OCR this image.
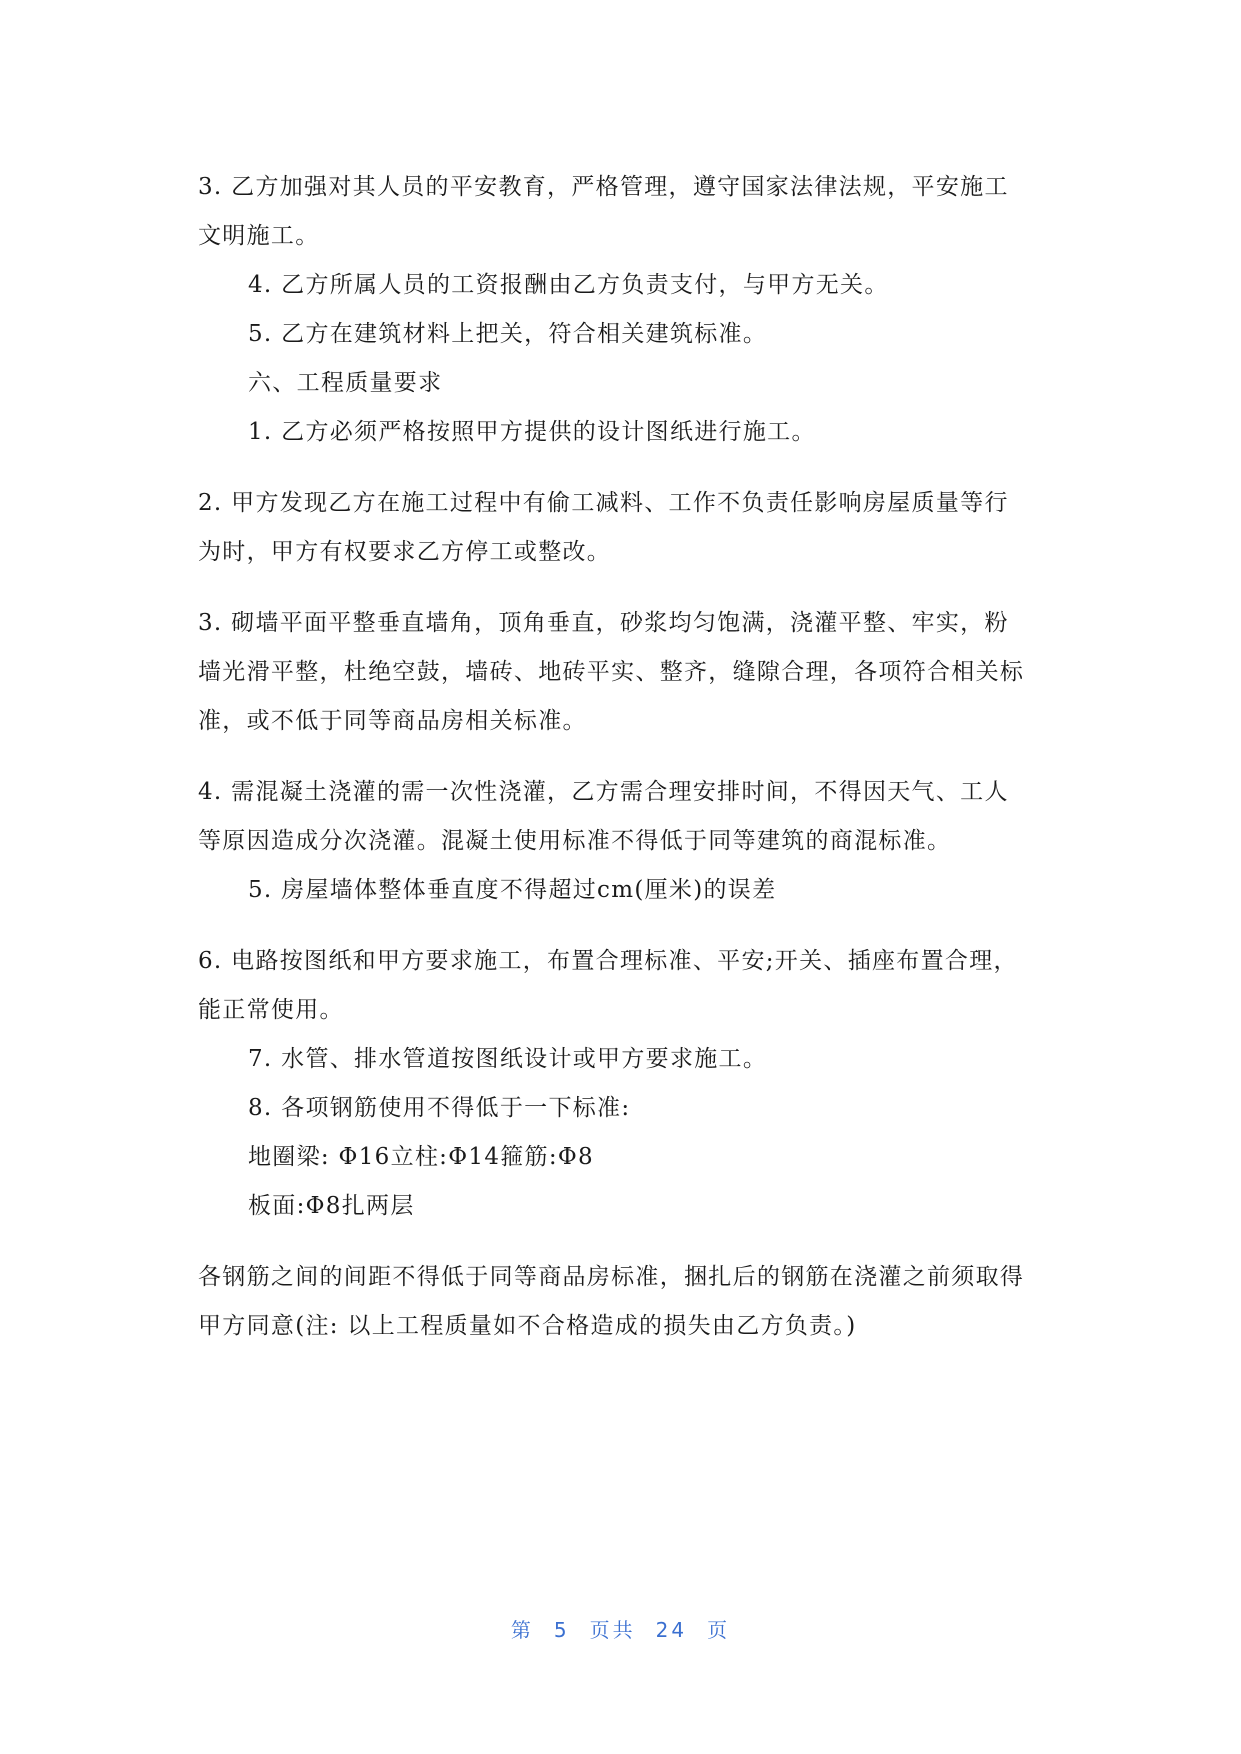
3. 乙方加强对其人员的平安教育，严格管理，遵守国家法律法规，平安施工文明施工。

4. 乙方所属人员的工资报酬由乙方负责支付，与甲方无关。

5. 乙方在建筑材料上把关，符合相关建筑标准。

六、工程质量要求

1. 乙方必须严格按照甲方提供的设计图纸进行施工。

2. 甲方发现乙方在施工过程中有偷工减料、工作不负责任影响房屋质量等行为时，甲方有权要求乙方停工或整改。

3. 砌墙平面平整垂直墙角，顶角垂直，砂浆均匀饱满，浇灌平整、牢实，粉墙光滑平整，杜绝空鼓，墙砖、地砖平实、整齐，缝隙合理，各项符合相关标准，或不低于同等商品房相关标准。

4. 需混凝土浇灌的需一次性浇灌，乙方需合理安排时间，不得因天气、工人等原因造成分次浇灌。混凝土使用标准不得低于同等建筑的商混标准。

5. 房屋墙体整体垂直度不得超过cm(厘米)的误差

6. 电路按图纸和甲方要求施工，布置合理标准、平安;开关、插座布置合理，能正常使用。

7. 水管、排水管道按图纸设计或甲方要求施工。

8. 各项钢筋使用不得低于一下标准:

地圈梁: Φ16立柱:Φ14箍筋:Φ8

板面:Φ8扎两层

各钢筋之间的间距不得低于同等商品房标准，捆扎后的钢筋在浇灌之前须取得甲方同意(注: 以上工程质量如不合格造成的损失由乙方负责。)

第 5 页共 24 页
